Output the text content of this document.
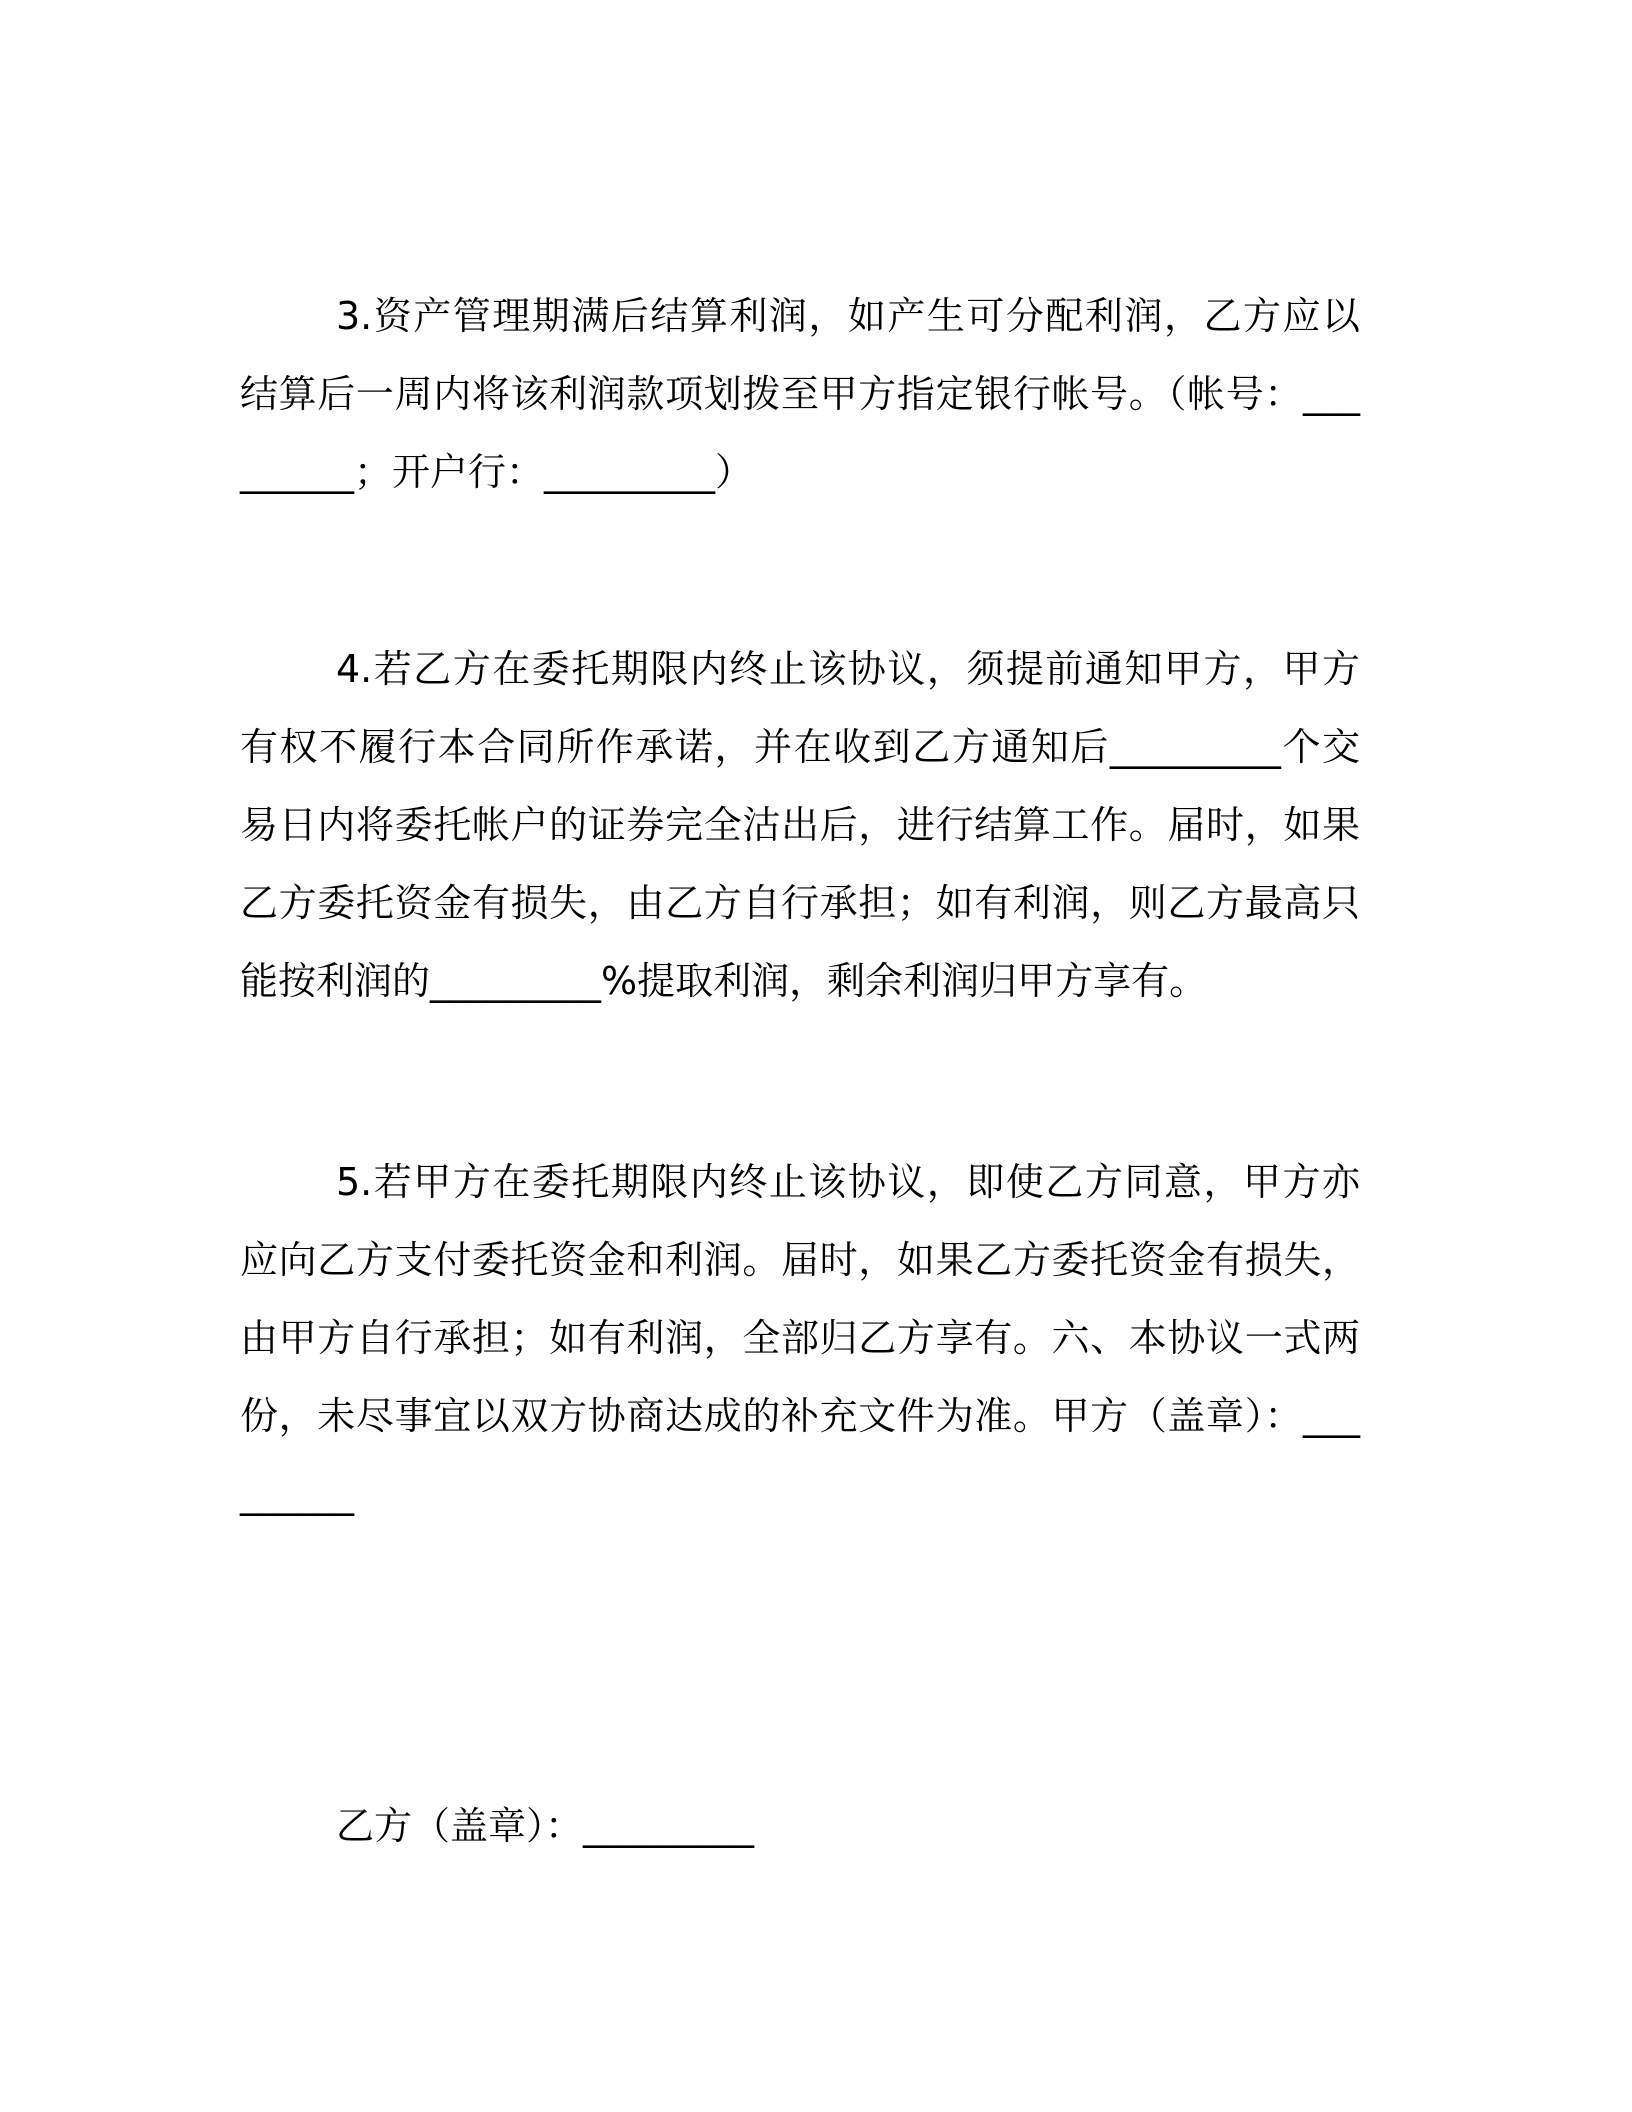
3.资产管理期满后结算利润，如产生可分配利润，乙方应以结算后一周内将该利润款项划拨至甲方指定银行帐号。（帐号：_________；开户行：_________）

4.若乙方在委托期限内终止该协议，须提前通知甲方，甲方有权不履行本合同所作承诺，并在收到乙方通知后_________个交易日内将委托帐户的证券完全沽出后，进行结算工作。届时，如果乙方委托资金有损失，由乙方自行承担；如有利润，则乙方最高只能按利润的_________%提取利润，剩余利润归甲方享有。

5.若甲方在委托期限内终止该协议，即使乙方同意，甲方亦应向乙方支付委托资金和利润。届时，如果乙方委托资金有损失，由甲方自行承担；如有利润，全部归乙方享有。六、本协议一式两份，未尽事宜以双方协商达成的补充文件为准。甲方（盖章）：_________

乙方（盖章）：_________
